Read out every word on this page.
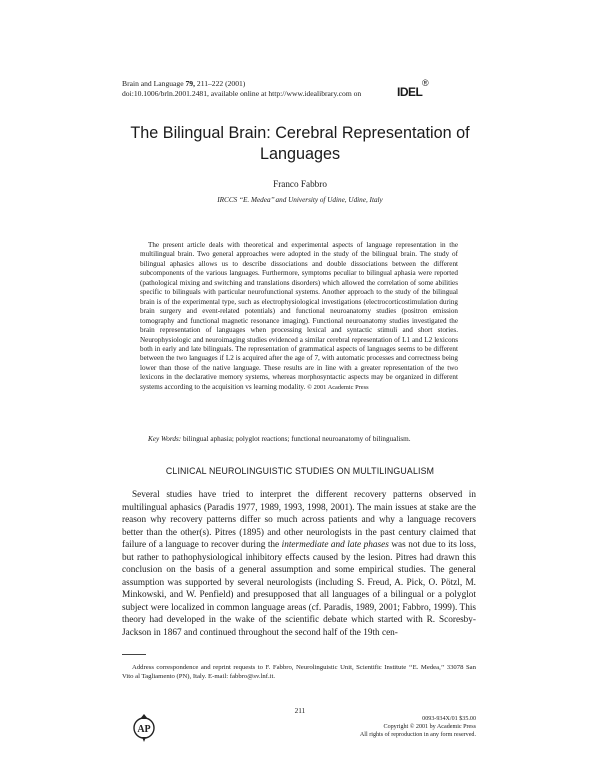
Brain and Language 79, 211–222 (2001)
doi:10.1006/brln.2001.2481, available online at http://www.idealibrary.com on	IDEL
®
The Bilingual Brain: Cerebral Representation of Languages
Franco Fabbro
IRCCS ‘‘E. Medea’’ and University of Udine, Udine, Italy
The present article deals with theoretical and experimental aspects of language representation in the multilingual brain. Two general approaches were adopted in the study of the bilingual brain. The study of bilingual aphasics allows us to describe dissociations and double dissociations between the different subcomponents of the various languages. Furthermore, symptoms peculiar to bilingual aphasia were reported (pathological mixing and switching and translations disorders) which allowed the correlation of some abilities specific to bilinguals with particular neurofunctional systems. Another approach to the study of the bilingual brain is of the experimental type, such as electrophysiological investigations (electrocorticostimulation during brain surgery and event-related potentials) and functional neuroanatomy studies (positron emission tomography and functional magnetic resonance imaging). Functional neuroanatomy studies investigated the brain representation of languages when processing lexical and syntactic stimuli and short stories. Neurophysiologic and neuroimaging studies evidenced a similar cerebral representation of L1 and L2 lexicons both in early and late bilinguals. The representation of grammatical aspects of languages seems to be different between the two languages if L2 is acquired after the age of 7, with automatic processes and correctness being lower than those of the native language. These results are in line with a greater representation of the two lexicons in the declarative memory systems, whereas morphosyntactic aspects may be organized in different systems according to the acquisition vs learning modality. © 2001 Academic Press
Key Words: bilingual aphasia; polyglot reactions; functional neuroanatomy of bilingualism.
CLINICAL NEUROLINGUISTIC STUDIES ON MULTILINGUALISM
Several studies have tried to interpret the different recovery patterns observed in multilingual aphasics (Paradis 1977, 1989, 1993, 1998, 2001). The main issues at stake are the reason why recovery patterns differ so much across patients and why a language recovers better than the other(s). Pitres (1895) and other neurologists in the past century claimed that failure of a language to recover during the intermediate and late phases was not due to its loss, but rather to pathophysiological inhibitory effects caused by the lesion. Pitres had drawn this conclusion on the basis of a general assumption and some empirical studies. The general assumption was supported by several neurologists (including S. Freud, A. Pick, O. Pötzl, M. Minkowski, and W. Penfield) and presupposed that all languages of a bilingual or a polyglot subject were localized in common language areas (cf. Paradis, 1989, 2001; Fabbro, 1999). This theory had developed in the wake of the scientific debate which started with R. Scoresby-Jackson in 1867 and continued throughout the second half of the 19th cen-
Address correspondence and reprint requests to F. Fabbro, Neurolinguistic Unit, Scientific Institute ‘‘E. Medea,’’ 33078 San Vito al Tagliamento (PN), Italy. E-mail: fabbro@sv.lnf.it.
211
AP
0093-934X/01 $35.00
Copyright © 2001 by Academic Press
All rights of reproduction in any form reserved.
